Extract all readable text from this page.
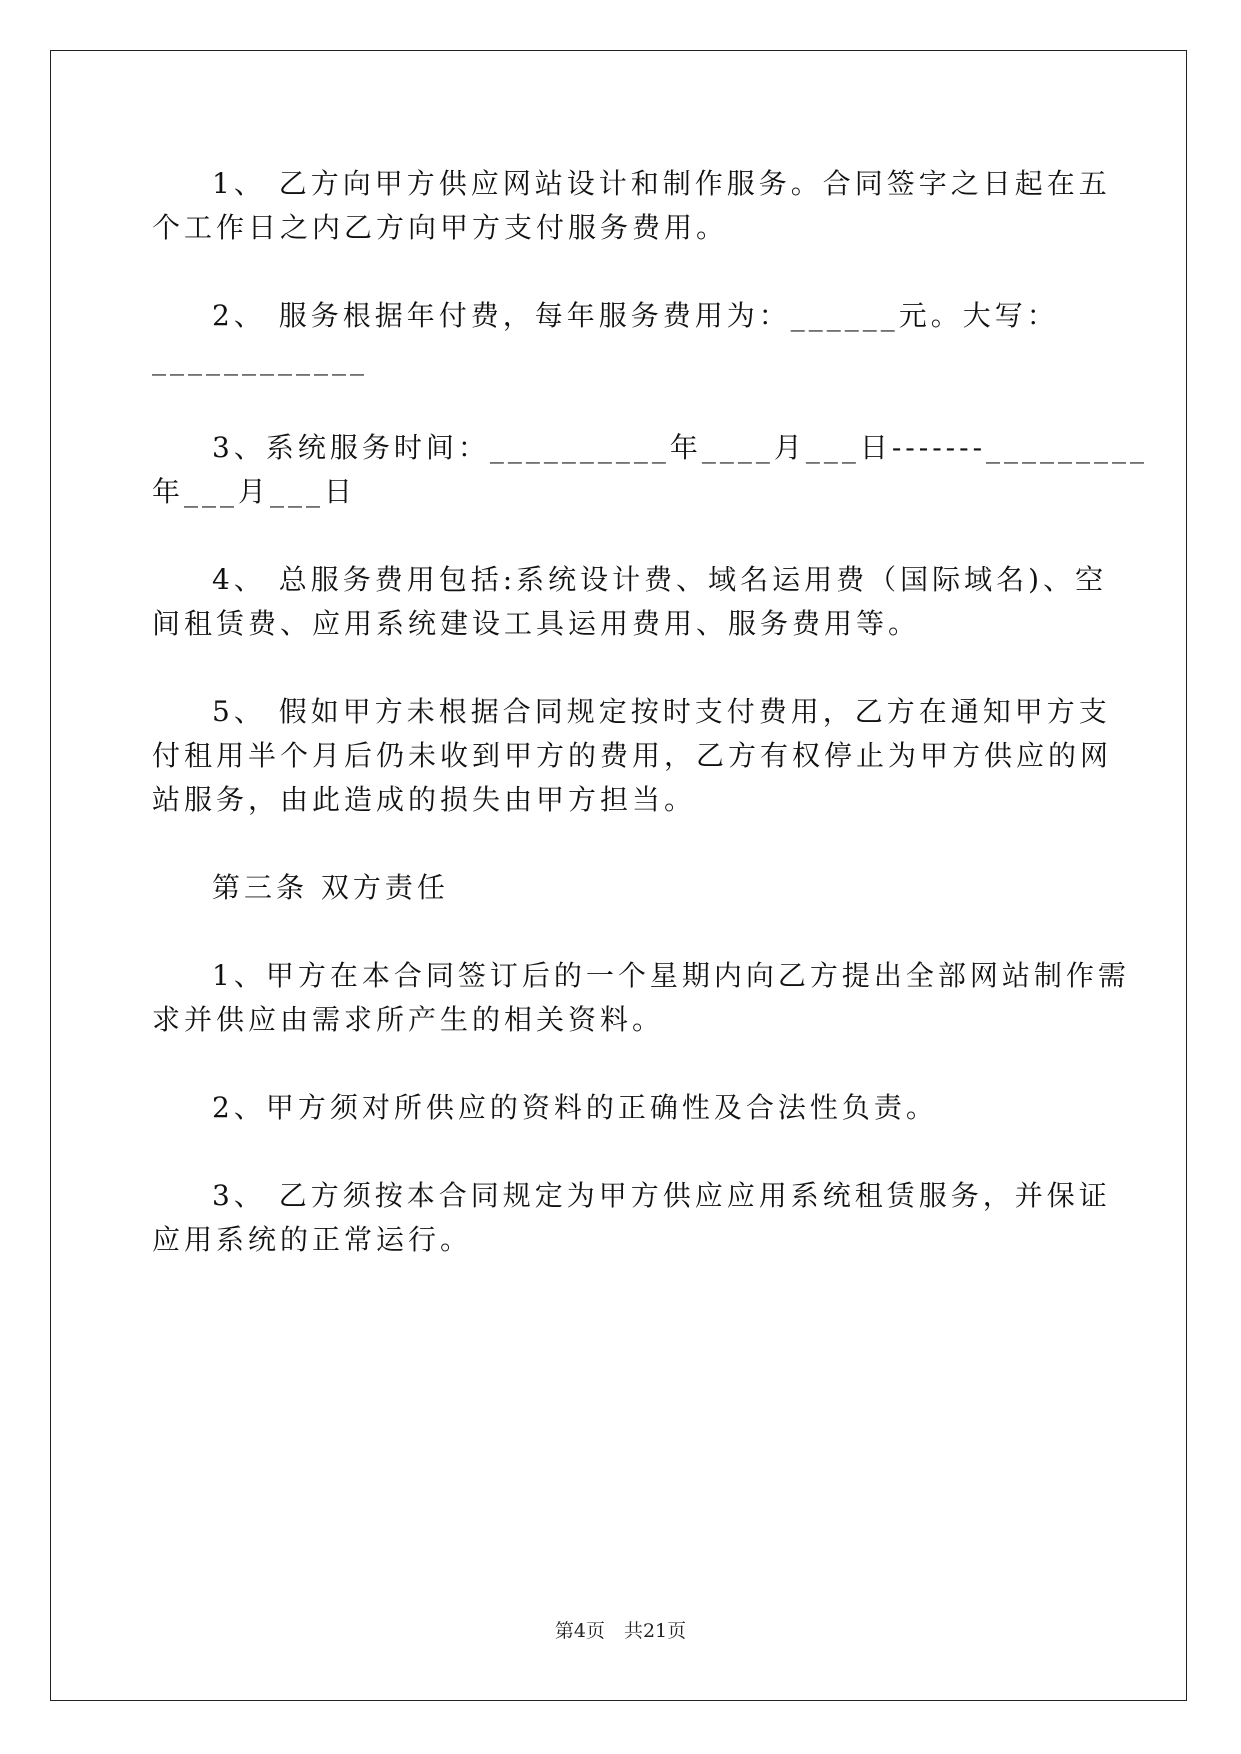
1、 乙方向甲方供应网站设计和制作服务。合同签字之日起在五
个工作日之内乙方向甲方支付服务费用。

2、 服务根据年付费，每年服务费用为：______元。大写：
____________

3、系统服务时间：__________年____月___日-------_________
年___月___日

4、 总服务费用包括:系统设计费、域名运用费（国际域名)、空
间租赁费、应用系统建设工具运用费用、服务费用等。

5、 假如甲方未根据合同规定按时支付费用，乙方在通知甲方支
付租用半个月后仍未收到甲方的费用，乙方有权停止为甲方供应的网
站服务，由此造成的损失由甲方担当。

第三条 双方责任

1、甲方在本合同签订后的一个星期内向乙方提出全部网站制作需
求并供应由需求所产生的相关资料。

2、甲方须对所供应的资料的正确性及合法性负责。

3、 乙方须按本合同规定为甲方供应应用系统租赁服务，并保证
应用系统的正常运行。

第4页　共21页
